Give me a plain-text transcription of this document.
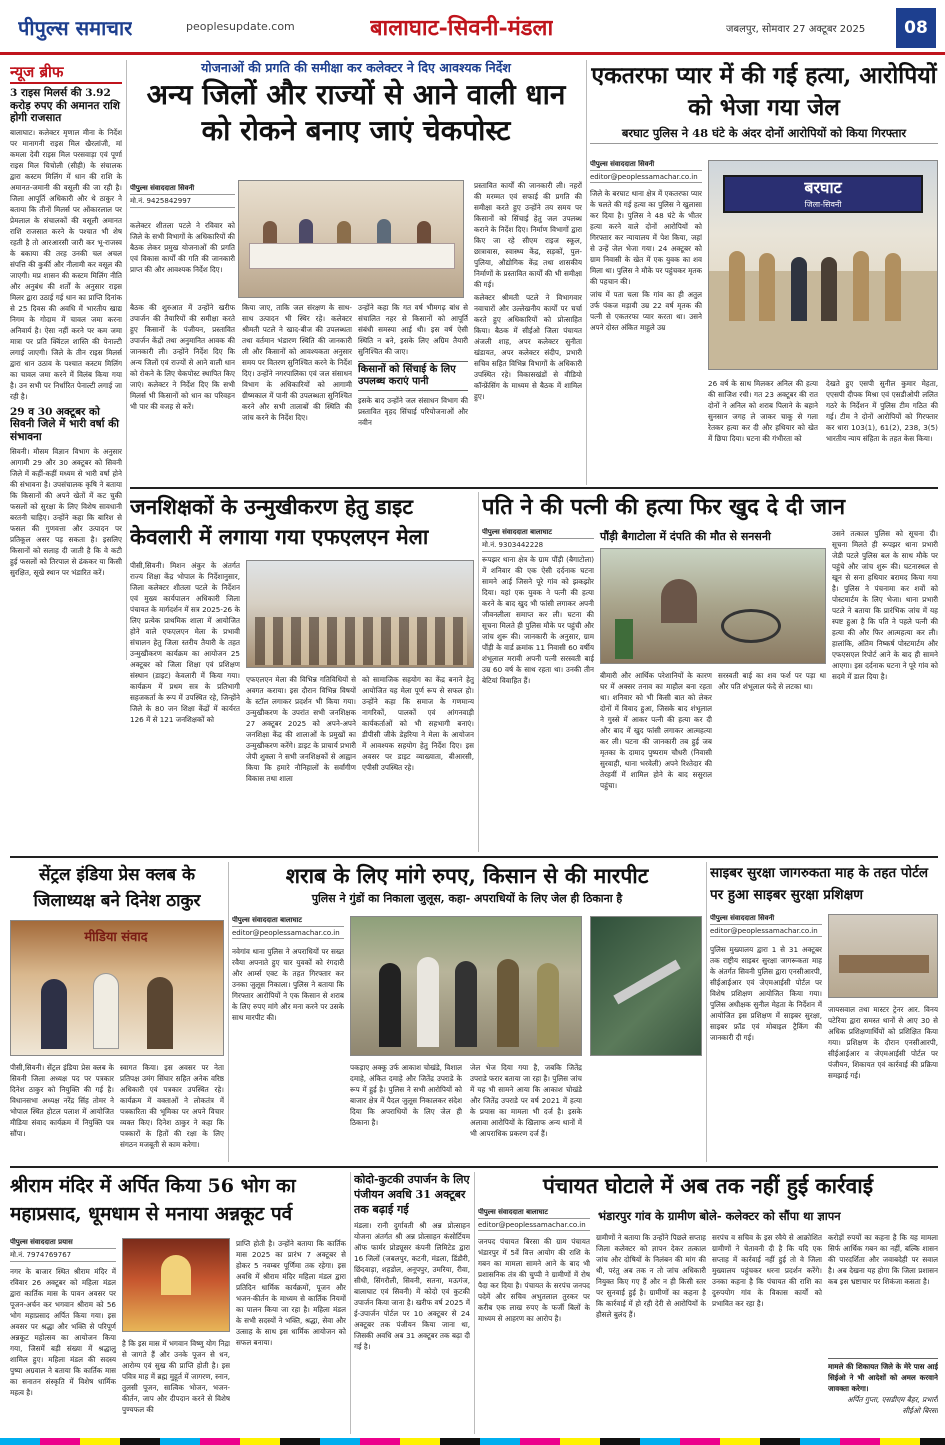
पीपुल्स समाचार	peoplesupdate.com	बालाघाट-सिवनी-मंडला	जबलपुर, सोमवार 27 अक्टूबर 2025	08
न्यूज ब्रीफ
3 राइस मिलर्स की 3.92 करोड़ रुपए की अमानत राशि होगी राजसात
बालाघाट। कलेक्टर मृणाल मीना के निर्देश पर मानागनी राइस मिल खैरलांजी, मां कमला देवी राइस मिल परसवाड़ा एवं पूर्णा राइस मिल चिचोली (सीही) के संचालक द्वारा कस्टम मिलिंग में धान की राशि के अमानत-जमानी की वसूली की जा रही है। जिला आपूर्ति अधिकारी और थे ठाकुर ने बताया कि तीनों मिलर्स पर ओंकारलाल पर प्रेमलाल के संचालकों की वसूली अमानत राशि राजसात करने के पश्चात भी शेष रहती है तो आरआरसी जारी कर भू-राजस्व के बकाया की तरह उनकी चल अचल संपत्ति की कुर्की और नीलामी कर वसूल की जाएगी। मप्र शासन की कस्टम मिलिंग नीति और अनुबंध की शर्तों के अनुसार राइस मिलर द्वारा उठाई गई धान का प्राप्ति दिनांक से 25 दिवस की अवधि में भारतीय खाद्य निगम के गोदाम में चावल जमा करना अनिवार्य है। ऐसा नहीं करने पर कम जमा मात्रा पर प्रति क्विंटल शास्ति की पेनाल्टी लगाई जाएगी। जिले के तीन राइस मिलर्स द्वारा धान उठाव के पश्चात कस्टम मिलिंग का चावल जमा करने में विलंब किया गया है। उन सभी पर निर्धारित पेनाल्टी लगाई जा रही है।
29 व 30 अक्टूबर को सिवनी जिले में भारी वर्षा की संभावना
सिवनी। मौसम विज्ञान विभाग के अनुसार आगामी 29 और 30 अक्टूबर को सिवनी जिले में कहीं-कहीं मध्यम से भारी वर्षा होने की संभावना है। उपसंचालक कृषि ने बताया कि किसानों की अपने खेतों में कट चुकी फसलों को सुरक्षा के लिए विशेष सावधानी बरतनी चाहिए। उन्होंने कहा कि बारिश से फसल की गुणवत्ता और उत्पादन पर प्रतिकूल असर पड़ सकता है। इसलिए किसानों को सलाह दी जाती है कि वे कटी हुई फसलों को तिरपाल से ढंककर या किसी सुरक्षित, सूखे स्थान पर भंडारित करें।
योजनाओं की प्रगति की समीक्षा कर कलेक्टर ने दिए आवश्यक निर्देश
अन्य जिलों और राज्यों से आने वाली धान को रोकने बनाए जाएं चेकपोस्ट
पीपुल्स संवाददाता सिवनी
मो.नं. 9425842997
कलेक्टर शीतला पटले ने रविवार को जिले के सभी विभागों के अधिकारियों की बैठक लेकर प्रमुख योजनाओं की प्रगति एवं विकास कार्यों की गति की जानकारी प्राप्त की और आवश्यक निर्देश दिए।
बैठक की शुरुआत में उन्होंने खरीफ उपार्जन की तैयारियों की समीक्षा करते हुए किसानों के पंजीयन, प्रस्तावित उपार्जन केंद्रों तथा अनुमानित आवक की जानकारी ली। उन्होंने निर्देश दिए कि अन्य जिलों एवं राज्यों से आने वाली धान को रोकने के लिए चेकपोस्ट स्थापित किए जाएं। कलेक्टर ने निर्देश दिए कि सभी मिलर्स भी किसानों को धान का परिवहन भी पार की वजह से करें।
किया जाए, ताकि जल संरक्षण के साथ-साथ उत्पादन भी स्थिर रहे। कलेक्टर श्रीमती पटले ने खाद-बीज की उपलब्धता तथा वर्तमान भंडारण स्थिति की जानकारी ली और किसानों को आवश्यकता अनुसार समय पर वितरण सुनिश्चित करने के निर्देश दिए। उन्होंने नगरपालिका एवं जल संसाधन विभाग के अधिकारियों को आगामी ग्रीष्मकाल में पानी की उपलब्धता सुनिश्चित करने और सभी तालाबों की स्थिति की जांच करने के निर्देश दिए।
उन्होंने कहा कि गत वर्ष भीमगढ़ बांध से संचालित नहर से किसानों को आपूर्ति संबंधी समस्या आई थी। इस वर्ष ऐसी स्थिति न बने, इसके लिए अग्रिम तैयारी सुनिश्चित की जाए।
किसानों को सिंचाई के लिए उपलब्ध कराएं पानी
इसके बाद उन्होंने जल संसाधन विभाग की प्रस्तावित वृहद सिंचाई परियोजनाओं और नवीन
प्रस्तावित कार्यों की जानकारी ली। नहरों की मरम्मत एवं सफाई की प्रगति की समीक्षा करते हुए उन्होंने तय समय पर किसानों को सिंचाई हेतु जल उपलब्ध कराने के निर्देश दिए। निर्माण विभागों द्वारा किए जा रहे सीएम राइज स्कूल, छात्रावास, स्वास्थ्य केंद्र, सड़कों, पुल-पुलिया, औद्योगिक केंद्र तथा शासकीय निर्माणों के प्रस्तावित कार्यों की भी समीक्षा की गई।
कलेक्टर श्रीमती पटले ने विभागवार नवाचारों और उल्लेखनीय कार्यों पर चर्चा करते हुए अधिकारियों को प्रोत्साहित किया। बैठक में सीईओ जिला पंचायत अंजली शाह, अपर कलेक्टर सुनीता खंडायत, अपर कलेक्टर संदीप, प्रभारी सचिव सहित विभिन्न विभागों के अधिकारी उपस्थित रहे। विकासखंडों से वीडियो कॉन्फ्रेंसिंग के माध्यम से बैठक में शामिल हुए।
एकतरफा प्यार में की गई हत्या, आरोपियों को भेजा गया जेल
बरघाट पुलिस ने 48 घंटे के अंदर दोनों आरोपियों को किया गिरफ्तार
पीपुल्स संवाददाता सिवनी
editor@peoplessamachar.co.in
जिले के बरघाट थाना क्षेत्र में एकतरफा प्यार के चलते की गई हत्या का पुलिस ने खुलासा कर दिया है। पुलिस ने 48 घंटे के भीतर हत्या करने वाले दोनों आरोपियों को गिरफ्तार कर न्यायालय में पेश किया, जहां से उन्हें जेल भेजा गया। 24 अक्टूबर को ग्राम निवासी के खेत में एक युवक का शव मिला था। पुलिस ने मौके पर पहुंचकर मृतक की पहचान की।
जांच में पता चला कि गांव का ही अतुल उर्फ पंकज मड़ावी उम्र 22 वर्ष मृतक की पत्नी से एकतरफा प्यार करता था। उसने अपने दोस्त अंकित माहुले उम्र
बरघाट
जिला-सिवनी
26 वर्ष के साथ मिलकर अनिल की हत्या की साजिश रची। गत 23 अक्टूबर की रात दोनों ने अनिल को शराब पिलाने के बहाने सुनसान जगह ले जाकर चाकू से गला रेतकर हत्या कर दी और हथियार को खेत में छिपा दिया। घटना की गंभीरता को
देखते हुए एसपी सुनील कुमार मेहता, एएसपी दीपक मिश्रा एवं एसडीओपी ललित गठरे के निर्देशन में पुलिस टीम गठित की गई। टीम ने दोनों आरोपियों को गिरफ्तार कर धारा 103(1), 61(2), 238, 3(5) भारतीय न्याय संहिता के तहत केस किया।
जनशिक्षकों के उन्मुखीकरण हेतु डाइट केवलारी में लगाया गया एफएलएन मेला
पीसी,सिवनी। मिशन अंकुर के अंतर्गत राज्य शिक्षा केंद्र भोपाल के निर्देशानुसार, जिला कलेक्टर शीतला पटले के निर्देशन एवं मुख्य कार्यपालन अधिकारी जिला पंचायत के मार्गदर्शन में सत्र 2025-26 के लिए प्रत्येक प्राथमिक शाला में आयोजित होने वाले एफएलएन मेला के प्रभावी संचालन हेतु जिला स्तरीय तैयारी के तहत उन्मुखीकरण कार्यक्रम का आयोजन 25 अक्टूबर को जिला शिक्षा एवं प्रशिक्षण संस्थान (डाइट) केवलारी में किया गया। कार्यक्रम में प्रथम सत्र के प्रतिभागी सहजकर्ता के रूप में उपस्थित रहे, जिन्होंने जिले के 80 जन शिक्षा केंद्रों में कार्यरत 126 में से 121 जनशिक्षकों को
एफएलएन मेला की विभिन्न गतिविधियों से अवगत कराया। इस दौरान विभिन्न विषयों के स्टॉल लगाकर प्रदर्शन भी किया गया। उन्मुखीकरण के उपरांत सभी जनशिक्षक 27 अक्टूबर 2025 को अपने-अपने जनशिक्षा केंद्र की शालाओं के प्रमुखों का उन्मुखीकरण करेंगे। डाइट के प्राचार्य प्रभारी जेपी शुक्ला ने सभी जनशिक्षकों से आह्वान किया कि हमारे नौनिहालों के सर्वांगीण विकास तथा शाला
को सामाजिक सहयोग का केंद्र बनाने हेतु आयोजित यह मेला पूर्ण रूप से सफल हो। उन्होंने कहा कि समाज के गणमान्य नागरिकों, पालकों एवं आंगनवाड़ी कार्यकर्ताओं को भी सहभागी बनाएं। डीपीसी जीके डेहरिया ने मेला के आयोजन में आवश्यक सहयोग हेतु निर्देश दिए। इस अवसर पर डाइट व्याख्याता, बीआरसी, एपीसी उपस्थित रहे।
पति ने की पत्नी की हत्या फिर खुद दे दी जान
पीपुल्स संवाददाता बालाघाट
मो.नं. 9303442228
पौंड़ी बैगाटोला में दंपति की मौत से सनसनी
रूपझर थाना क्षेत्र के ग्राम पौंड़ी (बैगाटोला) में शनिवार की एक ऐसी दर्दनाक घटना सामने आई जिसने पूरे गांव को झकझोर दिया। यहां एक युवक ने पत्नी की हत्या करने के बाद खुद भी फांसी लगाकर अपनी जीवनलीला समाप्त कर ली। घटना की सूचना मिलते ही पुलिस मौके पर पहुंची और जांच शुरू की। जानकारी के अनुसार, ग्राम पौंड़ी के वार्ड क्रमांक 11 निवासी 60 वर्षीय शंभूलाल मरावी अपनी पत्नी सरस्वती बाई उम्र 60 वर्ष के साथ रहता था। उनकी तीन बेटियां विवाहित हैं।
बीमारी और आर्थिक परेशानियों के कारण घर में अक्सर तनाव का माहौल बना रहता था। शनिवार को भी किसी बात को लेकर दोनों में विवाद हुआ, जिसके बाद शंभूलाल ने गुस्से में आकर पत्नी की हत्या कर दी और बाद में खुद फांसी लगाकर आत्महत्या कर ली। घटना की जानकारी तब हुई जब मृतका के दामाद पुष्पराम चौधरी (निवासी सुरवाही, थाना भरवेली) अपने रिश्तेदार की तेरहवीं में शामिल होने के बाद ससुराल पहुंचा।
सरस्वती बाई का शव फर्श पर पड़ा था और पति शंभूलाल फंदे से लटका था।
उसने तत्काल पुलिस को सूचना दी। सूचना मिलते ही रूपझर थाना प्रभारी जेडी पटले पुलिस बल के साथ मौके पर पहुंचे और जांच शुरू की। घटनास्थल से खून से सना हथियार बरामद किया गया है। पुलिस ने पंचनामा कर शवों को पोस्टमार्टम के लिए भेजा। थाना प्रभारी पटले ने बताया कि प्रारंभिक जांच में यह स्पष्ट हुआ है कि पति ने पहले पत्नी की हत्या की और फिर आत्महत्या कर ली। हालांकि, अंतिम निष्कर्ष पोस्टमार्टम और एफएसएल रिपोर्ट आने के बाद ही सामने आएगा। इस दर्दनाक घटना ने पूरे गांव को सदमे में डाल दिया है।
सेंट्रल इंडिया प्रेस क्लब के जिलाध्यक्ष बने दिनेश ठाकुर
मीडिया संवाद
पीसी,सिवनी। सेंट्रल इंडिया प्रेस क्लब के सिवनी जिला अध्यक्ष पद पर पत्रकार दिनेश ठाकुर को नियुक्ति की गई है। विधानसभा अध्यक्ष नरेंद्र सिंह तोमर ने भोपाल स्थित होटल पलाश में आयोजित मीडिया संवाद कार्यक्रम में नियुक्ति पत्र सौंपा।
स्वागत किया। इस अवसर पर नेता प्रतिपक्ष उमंग सिंघार सहित अनेक वरिष्ठ अधिकारी एवं पत्रकार उपस्थित रहे। कार्यक्रम में वक्ताओं ने लोकतंत्र में पत्रकारिता की भूमिका पर अपने विचार व्यक्त किए। दिनेश ठाकुर ने कहा कि पत्रकारों के हितों की रक्षा के लिए संगठन मजबूती से काम करेगा।
शराब के लिए मांगे रुपए, किसान से की मारपीट
पुलिस ने गुंडों का निकाला जुलूस, कहा- अपराधियों के लिए जेल ही ठिकाना है
पीपुल्स संवाददाता बालाघाट
editor@peoplessamachar.co.in
नवेगांव थाना पुलिस ने अपराधियों पर सख्त रवैया अपनाते हुए चार युवकों को रंगदारी और आर्म्स एक्ट के तहत गिरफ्तार कर उनका जुलूस निकाला। पुलिस ने बताया कि गिरफ्तार आरोपियों ने एक किसान से शराब के लिए रुपए मांगे और मना करने पर उसके साथ मारपीट की।
पकड़ाए अक्कू उर्फ आकाश चोखंडे, विशाल दमाहे, अंकित दमाहे और जितेंद्र उपराडे के रूप में हुई है। पुलिस ने सभी आरोपियों को बाजार क्षेत्र में पैदल जुलूस निकालकर संदेश दिया कि अपराधियों के लिए जेल ही ठिकाना है।
जेल भेज दिया गया है, जबकि जितेंद्र उपराडे फरार बताया जा रहा है। पुलिस जांच में यह भी सामने आया कि आकाश चोखंडे और जितेंद्र उपराडे पर वर्ष 2021 में हत्या के प्रयास का मामला भी दर्ज है। इसके अलावा आरोपियों के खिलाफ अन्य थानों में भी आपराधिक प्रकरण दर्ज हैं।
साइबर सुरक्षा जागरुकता माह के तहत पोर्टल पर हुआ साइबर सुरक्षा प्रशिक्षण
पीपुल्स संवाददाता सिवनी
editor@peoplessamachar.co.in
पुलिस मुख्यालय द्वारा 1 से 31 अक्टूबर तक राष्ट्रीय साइबर सुरक्षा जागरूकता माह के अंतर्गत सिवनी पुलिस द्वारा एनसीआरपी, सीईआईआर एवं जेएमआईसी पोर्टल पर विशेष प्रशिक्षण आयोजित किया गया। पुलिस अधीक्षक सुनील मेहता के निर्देशन में आयोजित इस प्रशिक्षण में साइबर सुरक्षा, साइबर फ्रॉड एवं मोबाइल ट्रैकिंग की जानकारी दी गई।
जायसवाल तथा मास्टर ट्रेनर आर. विनय पटेरिया द्वारा समस्त थानों से आए 30 से अधिक प्रशिक्षणार्थियों को प्रशिक्षित किया गया। प्रशिक्षण के दौरान एनसीआरपी, सीईआईआर व जेएमआईसी पोर्टल पर पंजीयन, शिकायत एवं कार्रवाई की प्रक्रिया समझाई गई।
श्रीराम मंदिर में अर्पित किया 56 भोग का महाप्रसाद, धूमधाम से मनाया अन्नकूट पर्व
पीपुल्स संवाददाता प्रयास
मो.नं. 7974769767
नगर के बाजार स्थित श्रीराम मंदिर में रविवार 26 अक्टूबर को महिला मंडल द्वारा कार्तिक मास के पावन अवसर पर पूजन-अर्चन कर भगवान श्रीराम को 56 भोग महाप्रसाद अर्पित किया गया। इस अवसर पर श्रद्धा और भक्ति से परिपूर्ण अन्नकूट महोत्सव का आयोजन किया गया, जिसमें बड़ी संख्या में श्रद्धालु शामिल हुए। महिला मंडल की सदस्य पुष्पा अग्रवाल ने बताया कि कार्तिक मास का सनातन संस्कृति में विशेष धार्मिक महत्व है।
है कि इस मास में भगवान विष्णु योग निद्रा से जागते हैं और उनके पूजन से धन, आरोग्य एवं सुख की प्राप्ति होती है। इस पवित्र माह में ब्रह्म मुहूर्त में जागरण, स्नान, तुलसी पूजन, सात्विक भोजन, भजन-कीर्तन, जाप और दीपदान करने से विशेष पुण्यफल की
प्राप्ति होती है। उन्होंने बताया कि कार्तिक मास 2025 का प्रारंभ 7 अक्टूबर से होकर 5 नवम्बर पूर्णिमा तक रहेगा। इस अवधि में श्रीराम मंदिर महिला मंडल द्वारा प्रतिदिन धार्मिक कार्यक्रमों, पूजन और भजन-कीर्तन के माध्यम से कार्तिक नियमों का पालन किया जा रहा है। महिला मंडल के सभी सदस्यों ने भक्ति, श्रद्धा, सेवा और उत्साह के साथ इस धार्मिक आयोजन को सफल बनाया।
कोदो-कुटकी उपार्जन के लिए पंजीयन अवधि 31 अक्टूबर तक बढ़ाई गई
मंडला। रानी दुर्गावती श्री अन्न प्रोत्साहन योजना अंतर्गत श्री अन्न प्रोत्साहन कंसोर्टियम ऑफ फार्मर प्रोड्यूसर कंपनी लिमिटेड द्वारा 16 जिलों (जबलपुर, कटनी, मंडला, डिंडौरी, छिंदवाड़ा, शहडोल, अनूपपुर, उमरिया, रीवा, सीधी, सिंगरौली, सिवनी, सतना, मऊगंज, बालाघाट एवं सिवनी) में कोदो एवं कुटकी उपार्जन किया जाना है। खरीफ वर्ष 2025 में ई-उपार्जन पोर्टल पर 10 अक्टूबर से 24 अक्टूबर तक पंजीयन किया जाना था, जिसकी अवधि अब 31 अक्टूबर तक बढ़ा दी गई है।
पंचायत घोटाले में अब तक नहीं हुई कार्रवाई
पीपुल्स संवाददाता बालाघाट
editor@peoplessamachar.co.in
भंडारपुर गांव के ग्रामीण बोले- कलेक्टर को सौंपा था ज्ञापन
जनपद पंचायत बिरसा की ग्राम पंचायत भंडारपुर में 5वें वित्त आयोग की राशि के गबन का मामला सामने आने के बाद भी प्रशासनिक तंत्र की चुप्पी ने ग्रामीणों में रोष पैदा कर दिया है। पंचायत के सरपंच जनपद पदेमें और सचिव अभुतलाल तुरकर पर करीब एक लाख रुपए के फर्जी बिलों के माध्यम से आहरण का आरोप है।
ग्रामीणों ने बताया कि उन्होंने पिछले सप्ताह जिला कलेक्टर को ज्ञापन देकर तत्काल जांच और दोषियों के निलंबन की मांग की थी, परंतु अब तक न तो जांच अधिकारी नियुक्त किए गए हैं और न ही किसी स्तर पर सुनवाई हुई है। ग्रामीणों का कहना है कि कार्रवाई में हो रही देरी से आरोपियों के हौसले बुलंद हैं।
सरपंच व सचिव के इस रवैये से आक्रोशित ग्रामीणों ने चेतावनी दी है कि यदि एक सप्ताह में कार्रवाई नहीं हुई तो वे जिला मुख्यालय पहुंचकर धरना प्रदर्शन करेंगे। उनका कहना है कि पंचायत की राशि का दुरुपयोग गांव के विकास कार्यों को प्रभावित कर रहा है।
करोड़ों रुपयों का कहना है कि यह मामला सिर्फ आर्थिक गबन का नहीं, बल्कि शासन की पारदर्शिता और जवाबदेही पर सवाल है। अब देखना यह होगा कि जिला प्रशासन कब इस भ्रष्टाचार पर शिकंजा कसता है।
मामले की शिकायत जिले के मेरे पास आई सिईओ ने भी आदेशों को अमल करवाने जावक्ता करेगा।
अर्पित गुप्ता, एसडीएम बैहर, प्रभारी सीईओ बिरसा
